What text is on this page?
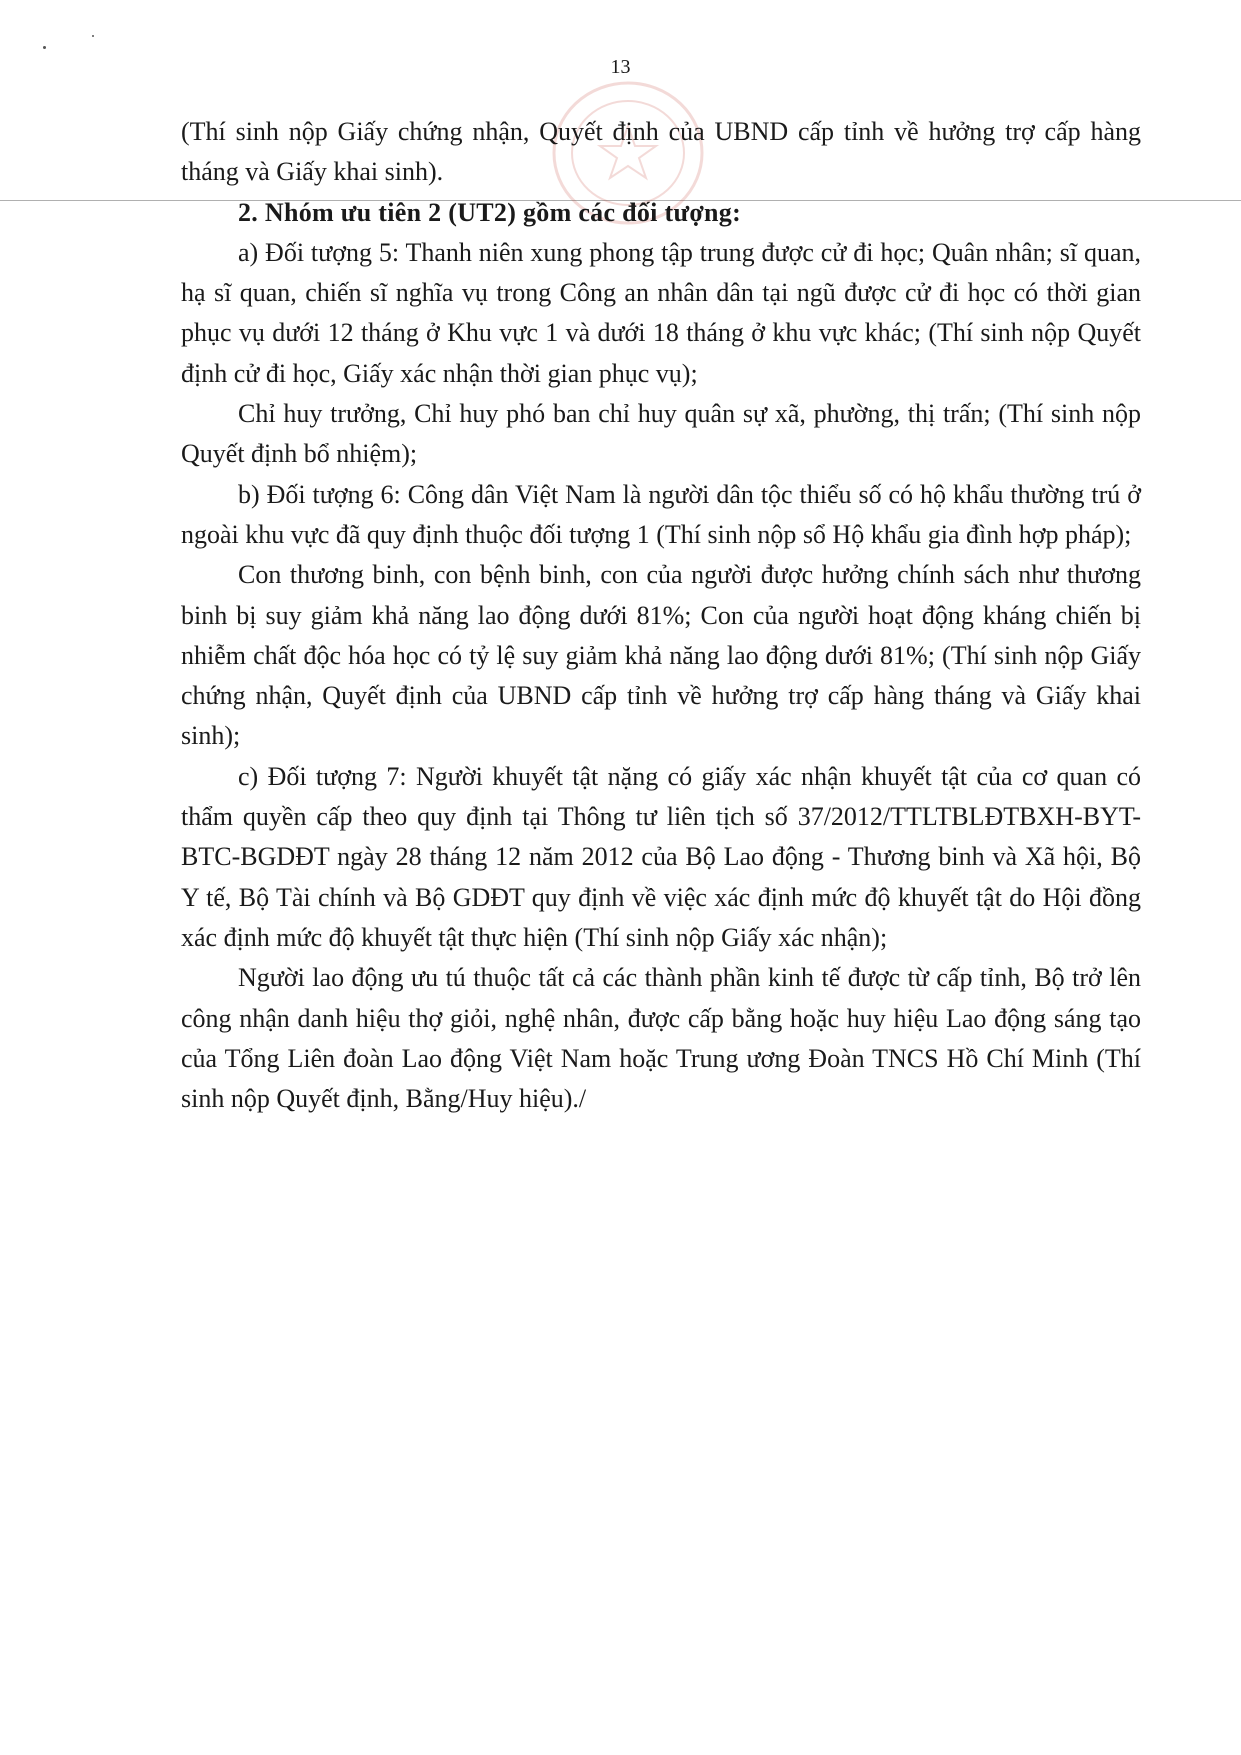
13

(Thí sinh nộp Giấy chứng nhận, Quyết định của UBND cấp tỉnh về hưởng trợ cấp hàng tháng và Giấy khai sinh).

2. Nhóm ưu tiên 2 (UT2) gồm các đối tượng:

a) Đối tượng 5: Thanh niên xung phong tập trung được cử đi học; Quân nhân; sĩ quan, hạ sĩ quan, chiến sĩ nghĩa vụ trong Công an nhân dân tại ngũ được cử đi học có thời gian phục vụ dưới 12 tháng ở Khu vực 1 và dưới 18 tháng ở khu vực khác; (Thí sinh nộp Quyết định cử đi học, Giấy xác nhận thời gian phục vụ);

Chỉ huy trưởng, Chỉ huy phó ban chỉ huy quân sự xã, phường, thị trấn; (Thí sinh nộp Quyết định bổ nhiệm);

b) Đối tượng 6: Công dân Việt Nam là người dân tộc thiểu số có hộ khẩu thường trú ở ngoài khu vực đã quy định thuộc đối tượng 1 (Thí sinh nộp sổ Hộ khẩu gia đình hợp pháp);

Con thương binh, con bệnh binh, con của người được hưởng chính sách như thương binh bị suy giảm khả năng lao động dưới 81%; Con của người hoạt động kháng chiến bị nhiễm chất độc hóa học có tỷ lệ suy giảm khả năng lao động dưới 81%; (Thí sinh nộp Giấy chứng nhận, Quyết định của UBND cấp tỉnh về hưởng trợ cấp hàng tháng và Giấy khai sinh);

c) Đối tượng 7: Người khuyết tật nặng có giấy xác nhận khuyết tật của cơ quan có thẩm quyền cấp theo quy định tại Thông tư liên tịch số 37/2012/TTLTBLĐTBXH-BYT- BTC-BGDĐT ngày 28 tháng 12 năm 2012 của Bộ Lao động - Thương binh và Xã hội, Bộ Y tế, Bộ Tài chính và Bộ GDĐT quy định về việc xác định mức độ khuyết tật do Hội đồng xác định mức độ khuyết tật thực hiện (Thí sinh nộp Giấy xác nhận);

Người lao động ưu tú thuộc tất cả các thành phần kinh tế được từ cấp tỉnh, Bộ trở lên công nhận danh hiệu thợ giỏi, nghệ nhân, được cấp bằng hoặc huy hiệu Lao động sáng tạo của Tổng Liên đoàn Lao động Việt Nam hoặc Trung ương Đoàn TNCS Hồ Chí Minh (Thí sinh nộp Quyết định, Bằng/Huy hiệu)./
